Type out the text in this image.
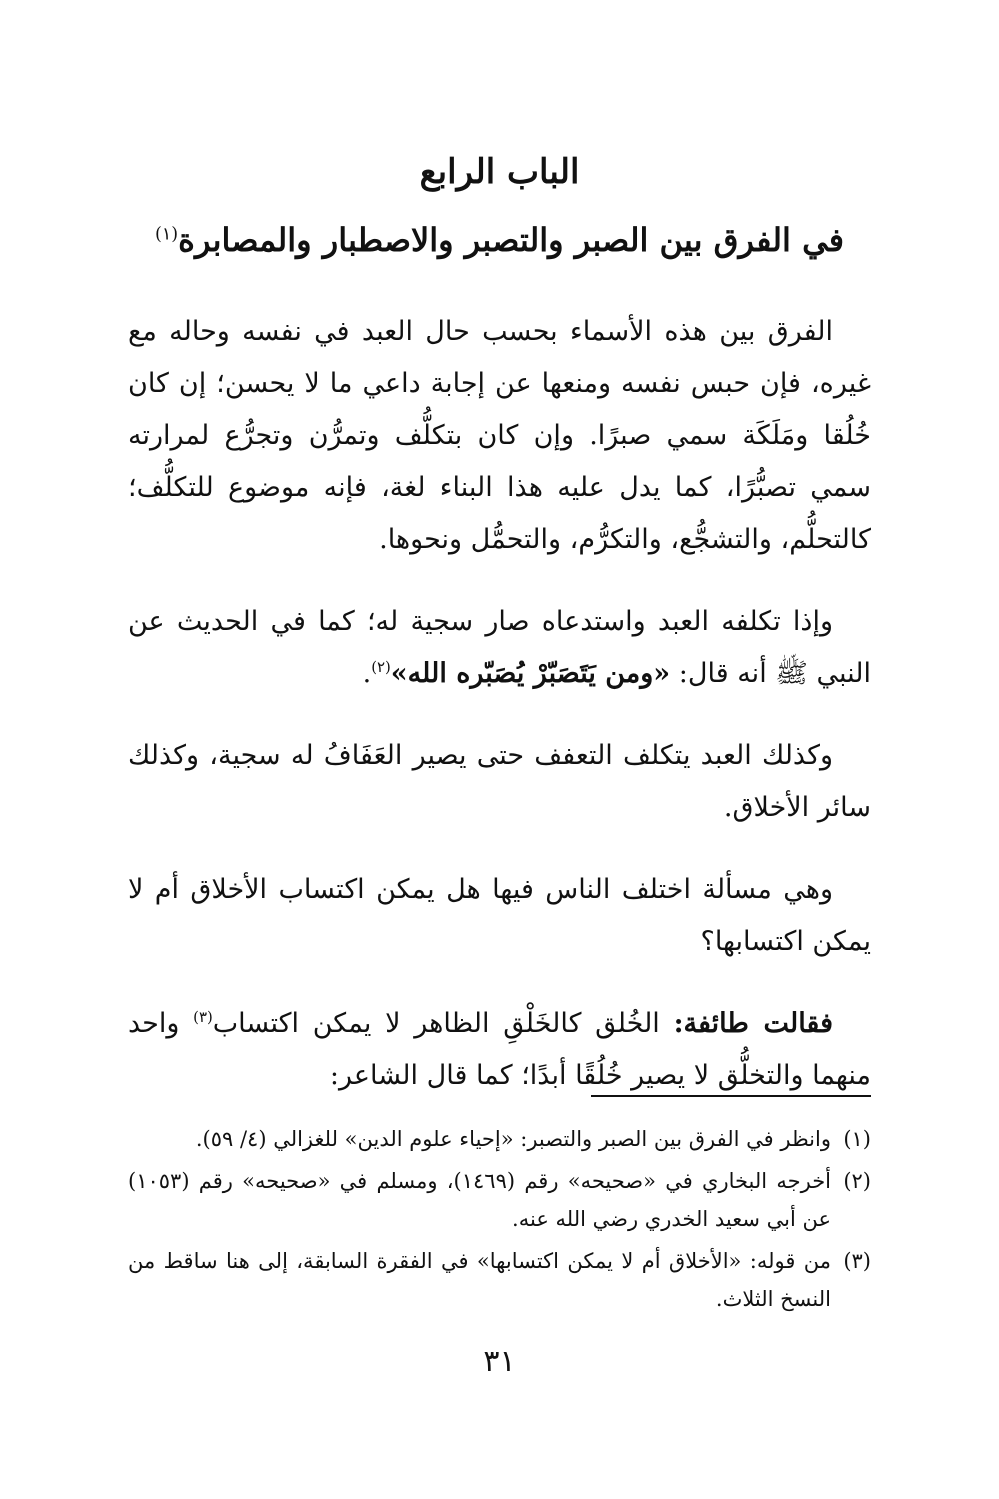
الباب الرابع
في الفرق بين الصبر والتصبر والاصطبار والمصابرة$^{(١)}$

الفرق بين هذه الأسماء بحسب حال العبد في نفسه وحاله مع غيره، فإن حبس نفسه ومنعها عن إجابة داعي ما لا يحسن؛ إن كان خُلُقا ومَلَكَة سمي صبرًا. وإن كان بتكلُّف وتمرُّن وتجرُّع لمرارته سمي تصبُّرًا، كما يدل عليه هذا البناء لغة، فإنه موضوع للتكلُّف؛ كالتحلُّم، والتشجُّع، والتكرُّم، والتحمُّل ونحوها.

وإذا تكلفه العبد واستدعاه صار سجية له؛ كما في الحديث عن النبي ﷺ أنه قال: «ومن يَتَصَبّرْ يُصَبّره الله»$^{(٢)}$.

وكذلك العبد يتكلف التعفف حتى يصير العَفَافُ له سجية، وكذلك سائر الأخلاق.

وهي مسألة اختلف الناس فيها هل يمكن اكتساب الأخلاق أم لا يمكن اكتسابها؟

فقالت طائفة: الخُلق كالخَلْقِ الظاهر لا يمكن اكتساب$^{(٣)}$ واحد منهما والتخلُّق لا يصير خُلُقًا أبدًا؛ كما قال الشاعر:

(١)
وانظر في الفرق بين الصبر والتصبر: «إحياء علوم الدين» للغزالي (٤/ ٥٩).
(٢)
أخرجه البخاري في «صحيحه» رقم (١٤٦٩)، ومسلم في «صحيحه» رقم (١٠٥٣) عن أبي سعيد الخدري رضي الله عنه.
(٣)
من قوله: «الأخلاق أم لا يمكن اكتسابها» في الفقرة السابقة، إلى هنا ساقط من النسخ الثلاث.
٣١
